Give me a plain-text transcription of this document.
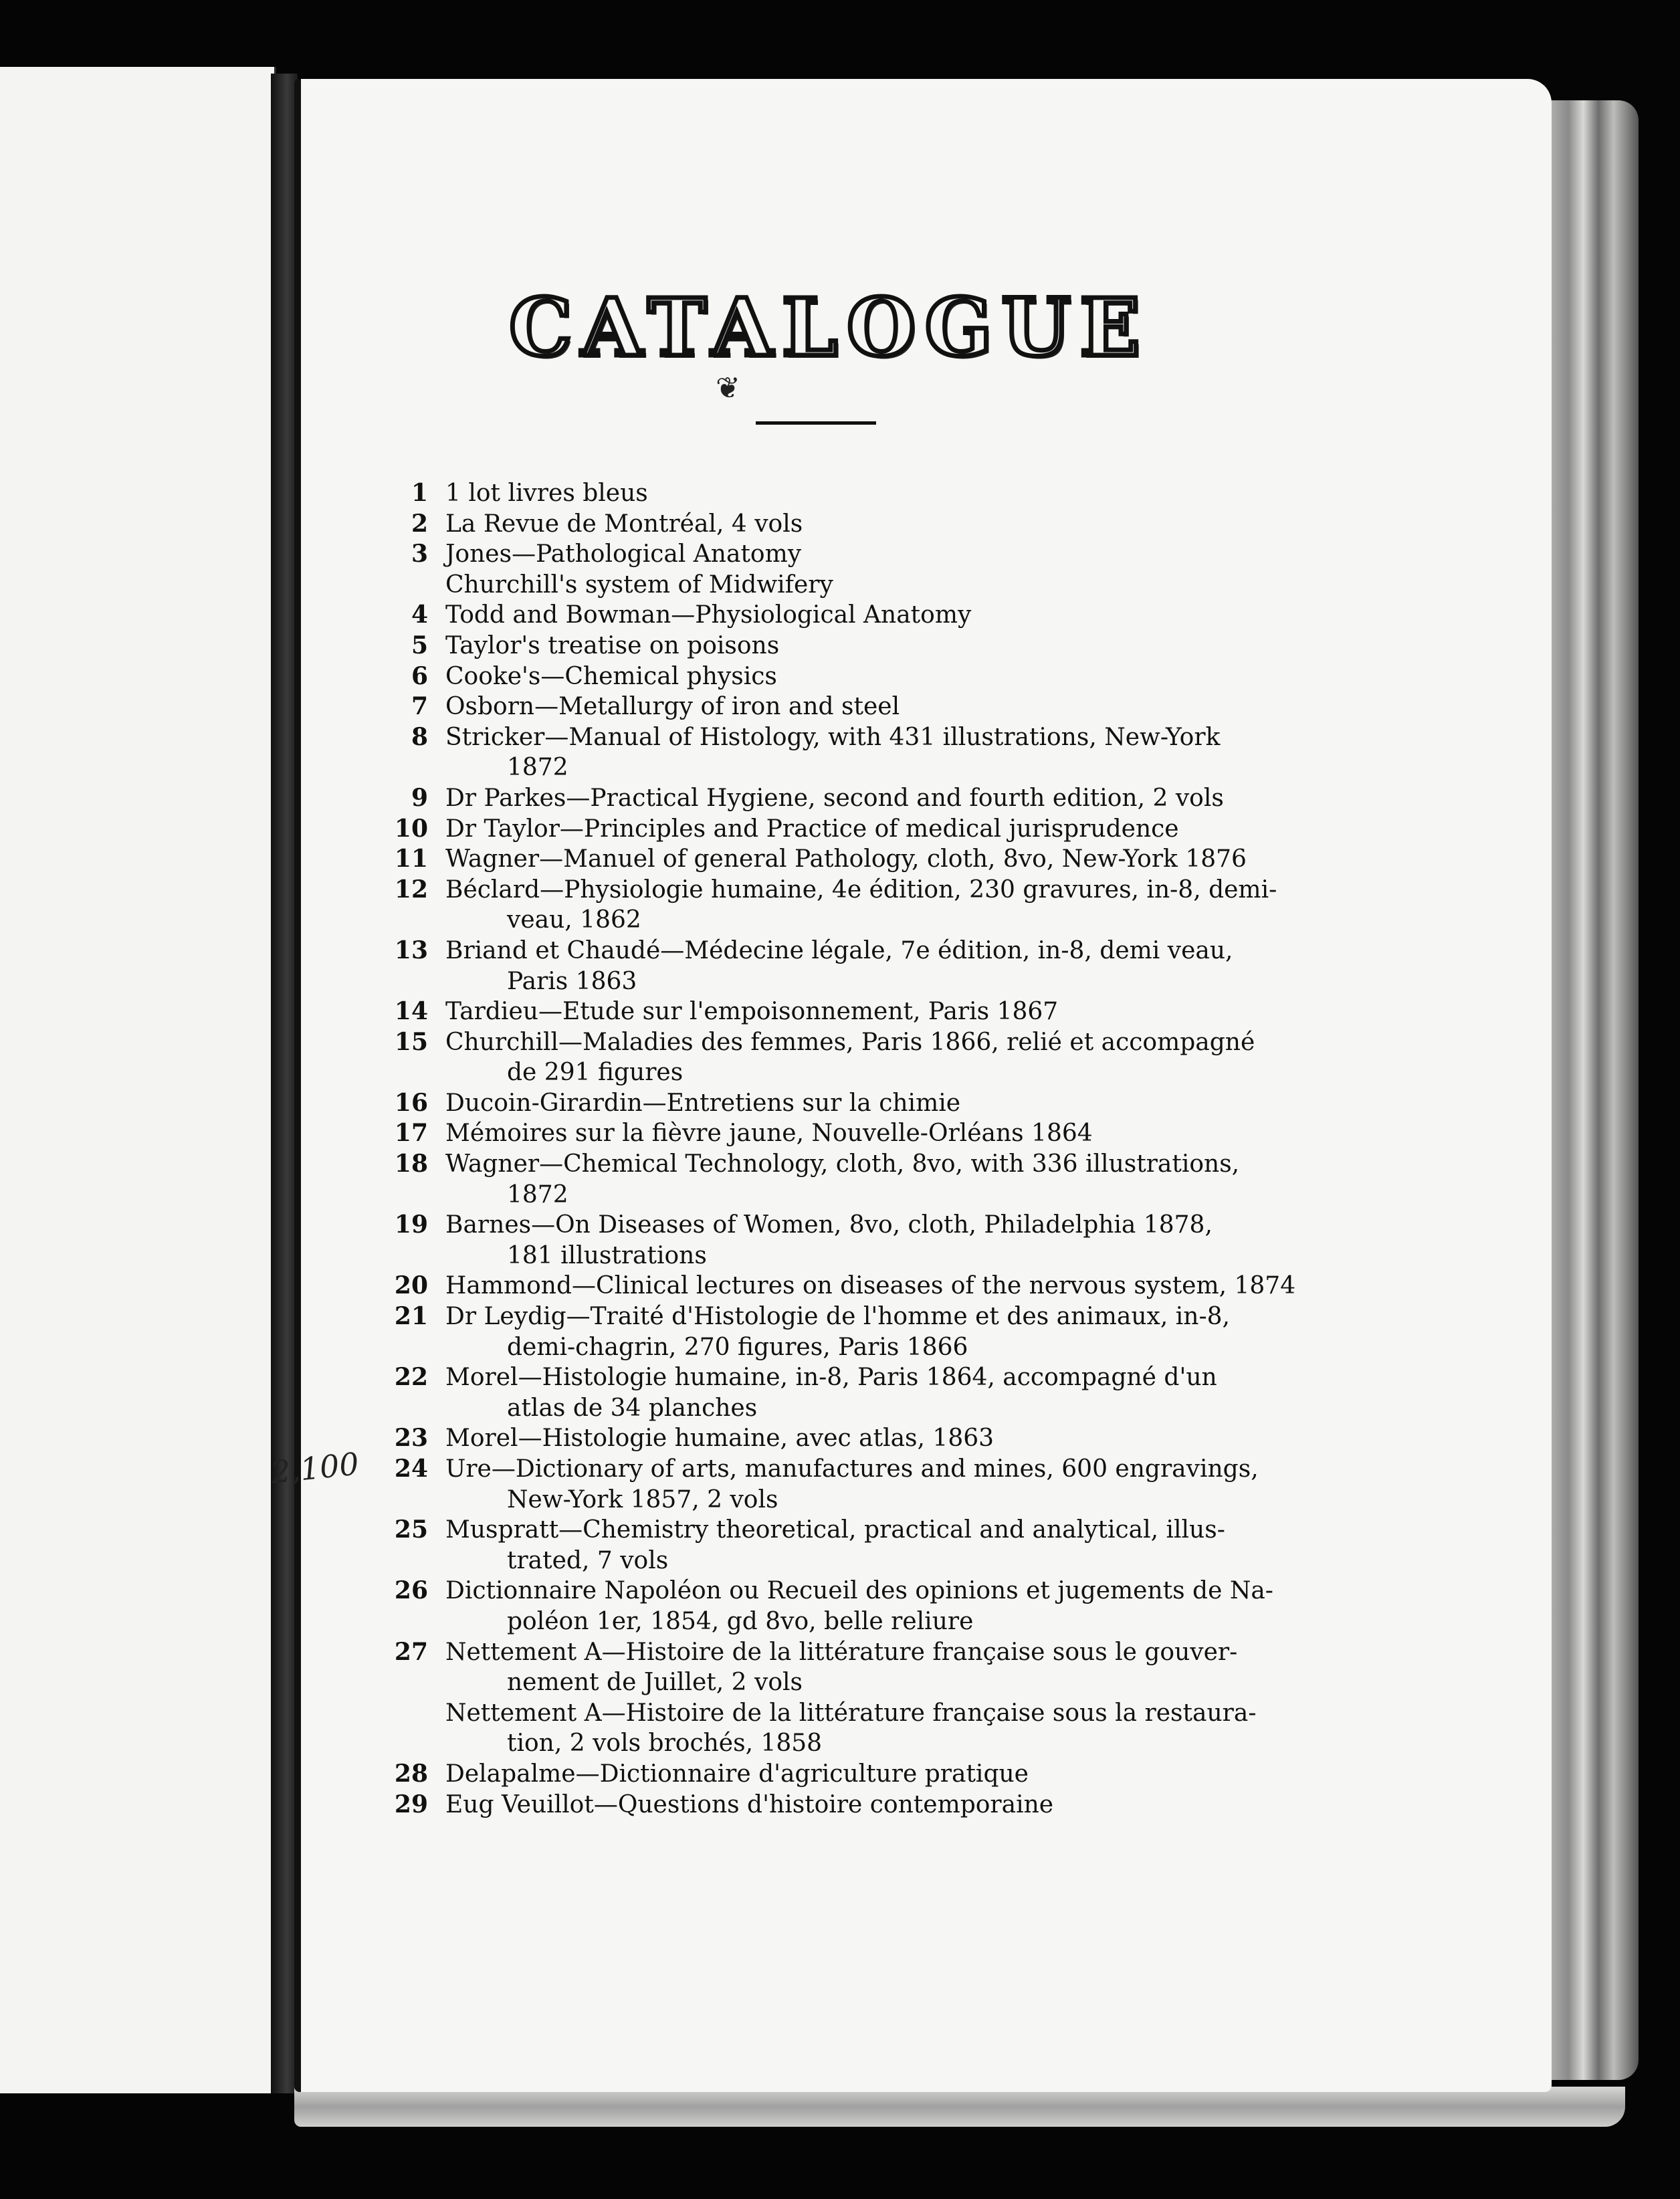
CATALOGUE
❦
2,100
1 1 lot livres bleus
2 La Revue de Montréal, 4 vols
3 Jones—Pathological Anatomy
Churchill's system of Midwifery
4 Todd and Bowman—Physiological Anatomy
5 Taylor's treatise on poisons
6 Cooke's—Chemical physics
7 Osborn—Metallurgy of iron and steel
8 Stricker—Manual of Histology, with 431 illustrations, New-York
1872
9 Dr Parkes—Practical Hygiene, second and fourth edition, 2 vols
10 Dr Taylor—Principles and Practice of medical jurisprudence
11 Wagner—Manuel of general Pathology, cloth, 8vo, New-York 1876
12 Béclard—Physiologie humaine, 4e édition, 230 gravures, in-8, demi-
veau, 1862
13 Briand et Chaudé—Médecine légale, 7e édition, in-8, demi veau,
Paris 1863
14 Tardieu—Etude sur l'empoisonnement, Paris 1867
15 Churchill—Maladies des femmes, Paris 1866, relié et accompagné
de 291 figures
16 Ducoin-Girardin—Entretiens sur la chimie
17 Mémoires sur la fièvre jaune, Nouvelle-Orléans 1864
18 Wagner—Chemical Technology, cloth, 8vo, with 336 illustrations,
1872
19 Barnes—On Diseases of Women, 8vo, cloth, Philadelphia 1878,
181 illustrations
20 Hammond—Clinical lectures on diseases of the nervous system, 1874
21 Dr Leydig—Traité d'Histologie de l'homme et des animaux, in-8,
demi-chagrin, 270 figures, Paris 1866
22 Morel—Histologie humaine, in-8, Paris 1864, accompagné d'un
atlas de 34 planches
23 Morel—Histologie humaine, avec atlas, 1863
24 Ure—Dictionary of arts, manufactures and mines, 600 engravings,
New-York 1857, 2 vols
25 Muspratt—Chemistry theoretical, practical and analytical, illus-
trated, 7 vols
26 Dictionnaire Napoléon ou Recueil des opinions et jugements de Na-
poléon 1er, 1854, gd 8vo, belle reliure
27 Nettement A—Histoire de la littérature française sous le gouver-
nement de Juillet, 2 vols
Nettement A—Histoire de la littérature française sous la restaura-
tion, 2 vols brochés, 1858
28 Delapalme—Dictionnaire d'agriculture pratique
29 Eug Veuillot—Questions d'histoire contemporaine
